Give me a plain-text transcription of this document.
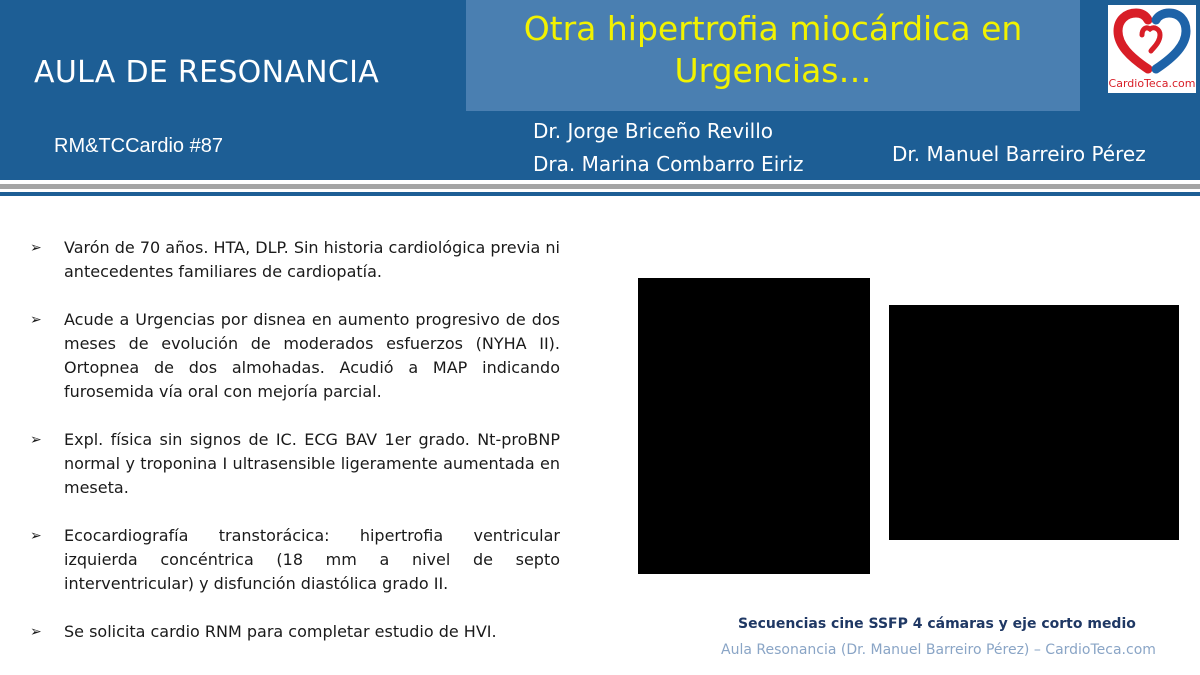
AULA DE RESONANCIA
RM&TCCardio #87
Otra hipertrofia miocárdica en
Urgencias…	CardioTeca.com
Dr. Jorge Briceño Revillo
Dra. Marina Combarro Eiriz	Dr. Manuel Barreiro Pérez
➢	Varón de 70 años. HTA, DLP. Sin historia cardiológica previa ni antecedentes familiares de cardiopatía.
➢	Acude a Urgencias por disnea en aumento progresivo de dos meses de evolución de moderados esfuerzos (NYHA II). Ortopnea de dos almohadas. Acudió a MAP indicando furosemida vía oral con mejoría parcial.
➢	Expl. física sin signos de IC. ECG BAV 1er grado. Nt-proBNP normal y troponina I ultrasensible ligeramente aumentada en meseta.
➢	Ecocardiografía transtorácica: hipertrofia ventricular izquierda concéntrica (18 mm a nivel de septo interventricular) y disfunción diastólica grado II.
➢	Se solicita cardio RNM para completar estudio de HVI.	Secuencias cine SSFP 4 cámaras y eje corto medio
Aula Resonancia (Dr. Manuel Barreiro Pérez) – CardioTeca.com
